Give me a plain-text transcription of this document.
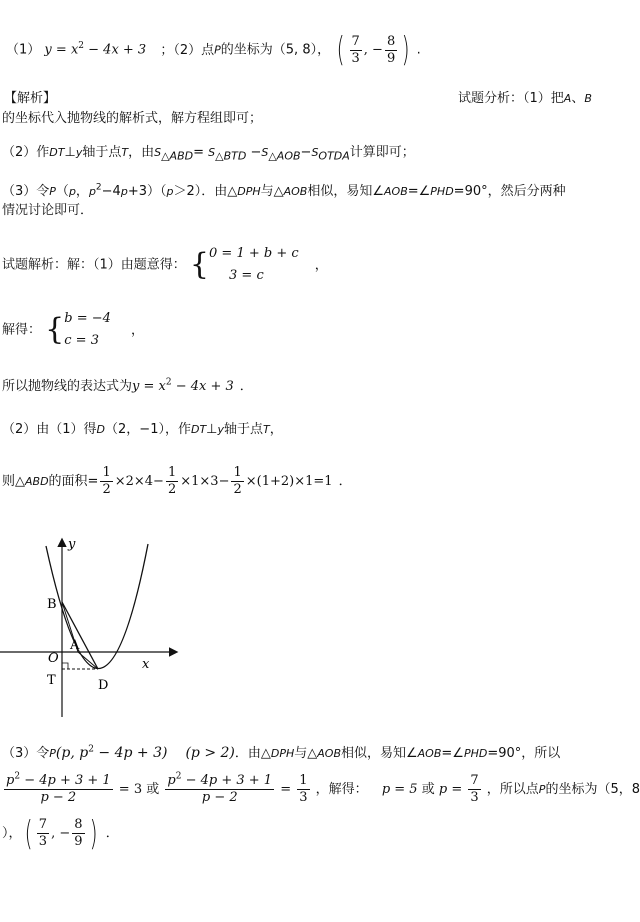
（1） $y = x^2 - 4x + 3$ ；（2）点P的坐标为（5, 8）， ( $\frac{7}{3}$ , − $\frac{8}{9}$ ) .
【解析】	试题分析：（1）把A、B
的坐标代入抛物线的解析式，解方程组即可；
（2）作DT⊥y轴于点T，由$S_{\triangle ABD}= S_{\triangle BTD} -S_{\triangle AOB}-S_{OTDA}$计算即可；
（3）令P（p，$p^2-4p+3)(p>2)$．由△DPH与△AOB相似，易知∠AOB=∠PHD=90°，然后分两种
情况讨论即可．
试题解析：解：（1）由题意得： { 0 = 1 + b + c
3 = c
，
解得： { b = −4
c = 3
，
所以抛物线的表达式为$y = x^2 - 4x + 3$ ．
（2）由（1）得D（2，−1），作DT⊥y轴于点T，
则△ABD的面积= $\frac{1}{2} \times 2\times 4- \frac{1}{2} \times 1\times 3- \frac{1}{2} \times(1+2)\times 1=1$ ．
y
x
B
O
A
T	D
（3）令P(p, $p^2 - 4p + 3$) (p > 2)．由△DPH与△AOB相似，易知∠AOB=∠PHD=90°，所以
$\frac{p^2 - 4p + 3 + 1}{p - 2} = 3$ 或 $\frac{p^2 - 4p + 3 + 1}{p - 2} = \frac{1}{3}$ ，解得： p = 5 或 $p = \frac{7}{3}$ ，所以点P的坐标为（5，8
），( $\frac{7}{3}$ , − $\frac{8}{9}$ ) ．
